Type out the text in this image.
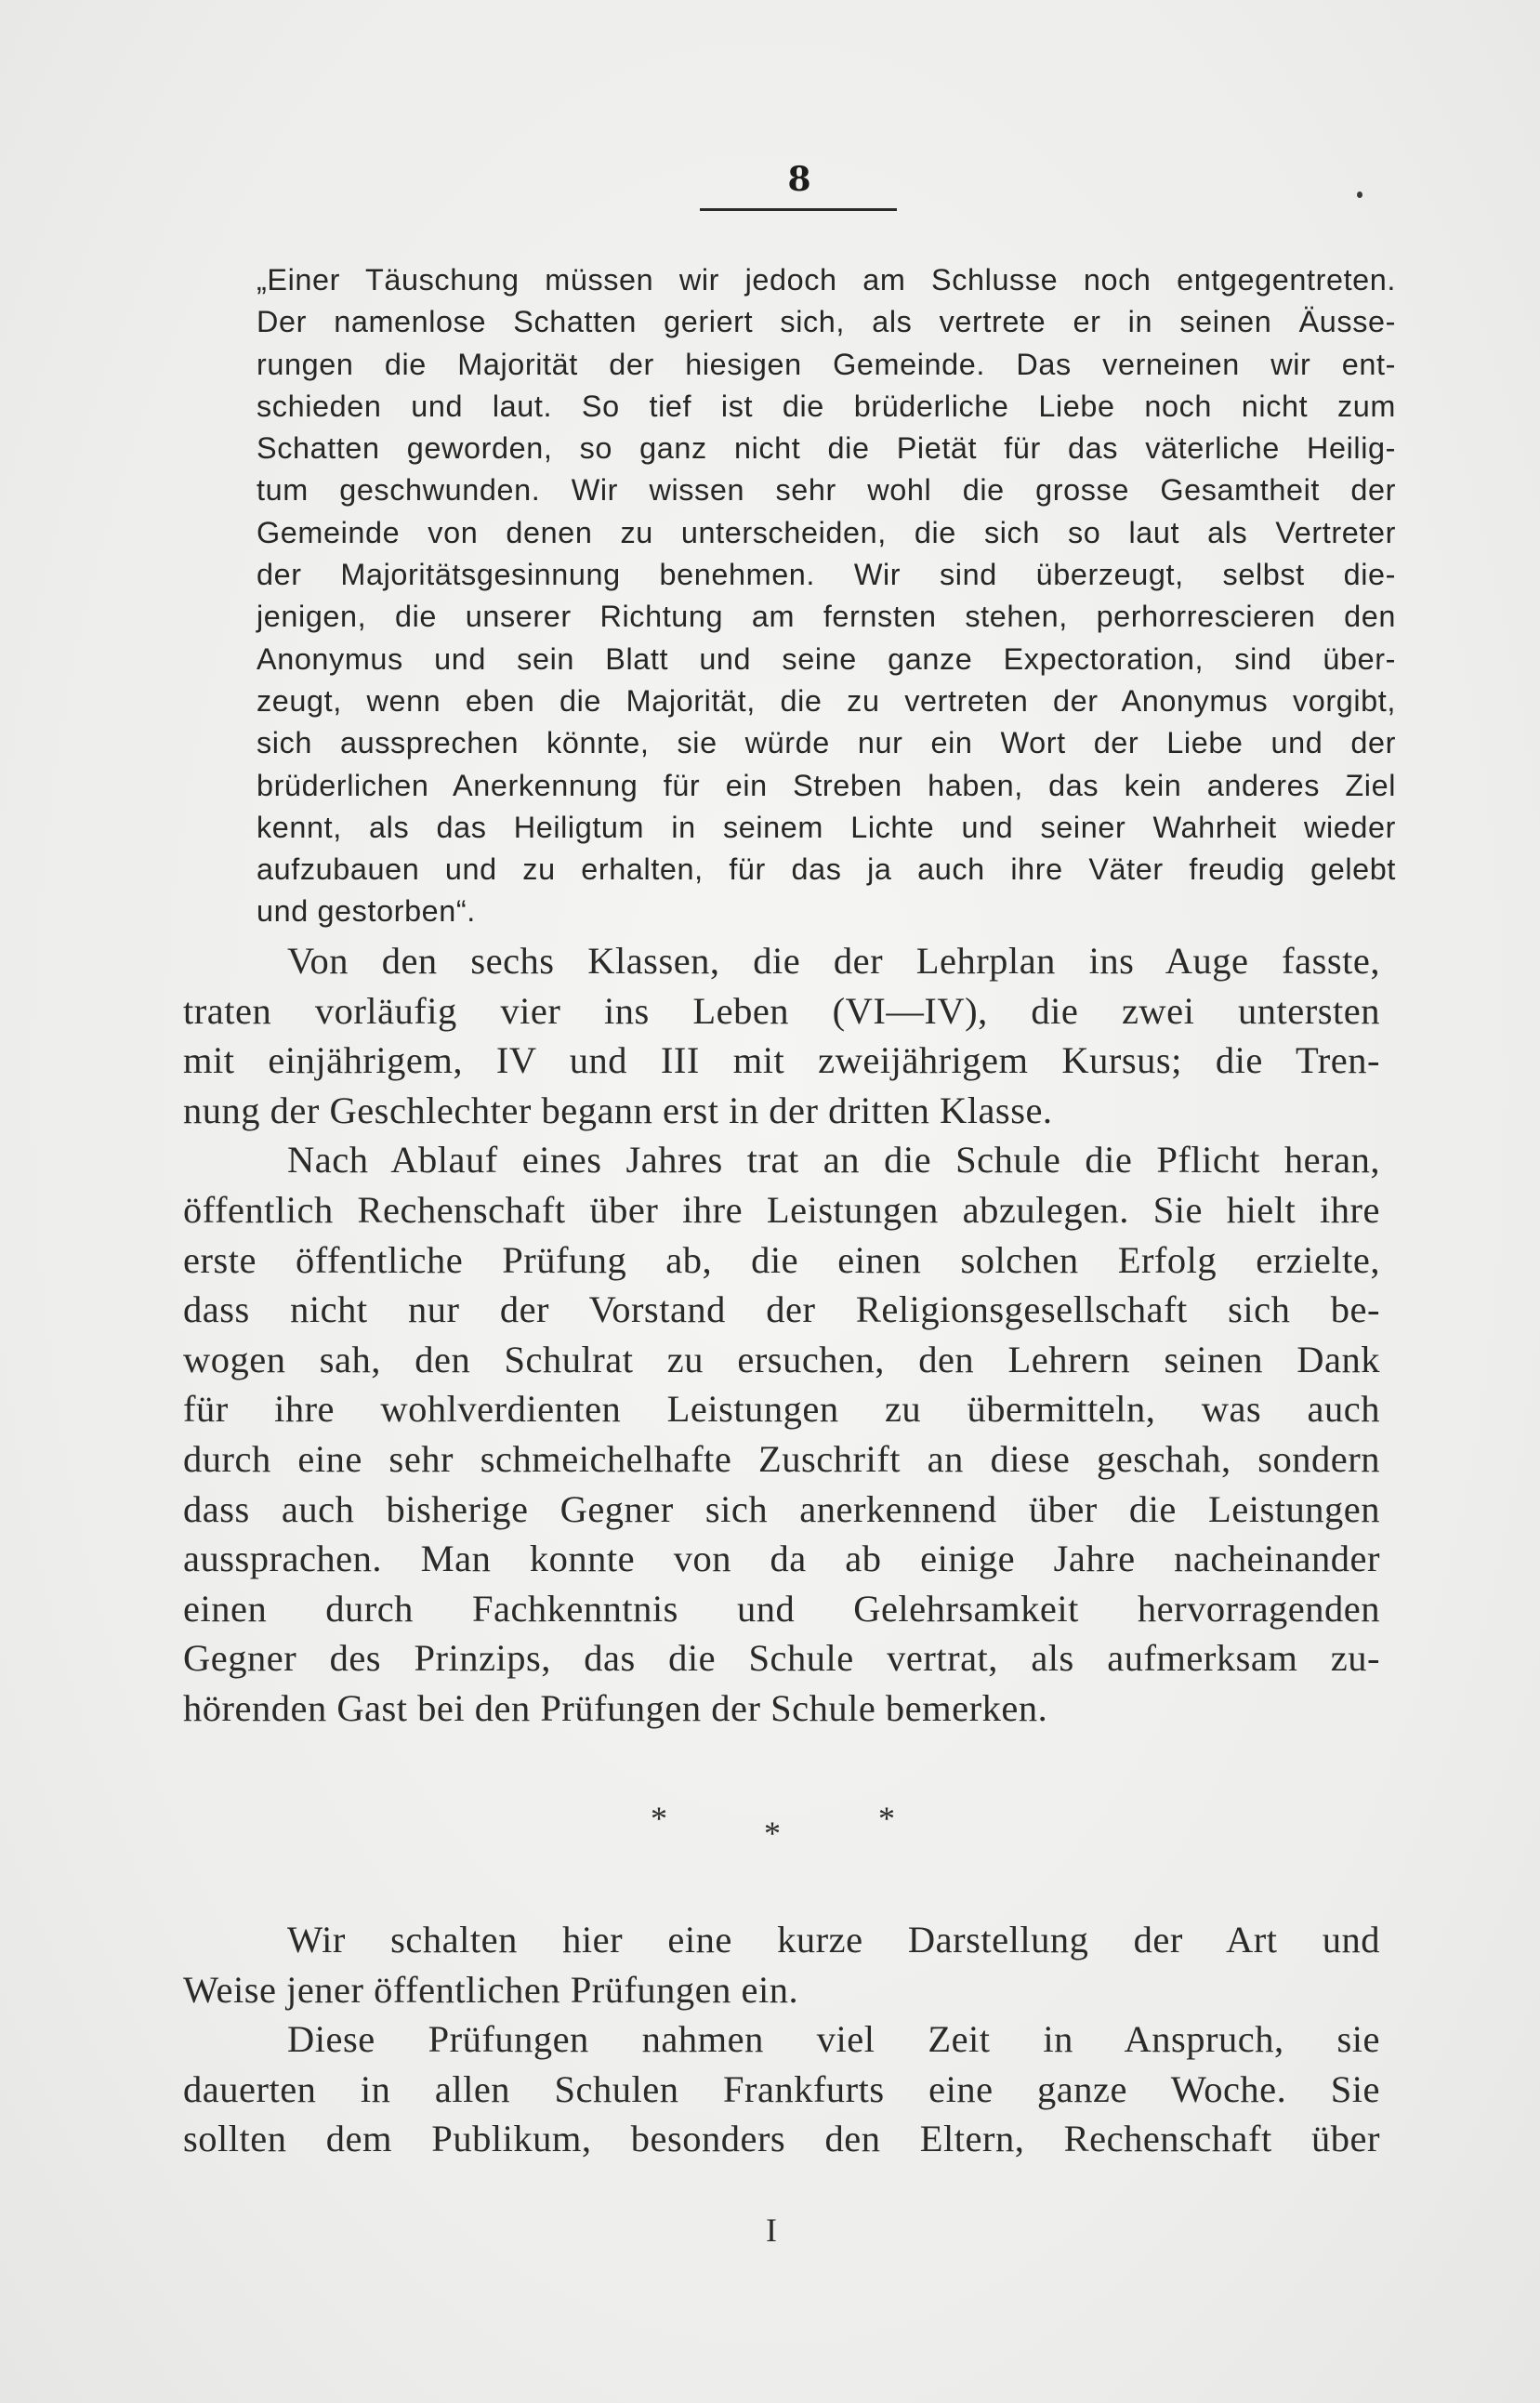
8
„Einer Täuschung müssen wir jedoch am Schlusse noch entgegentreten.
Der namenlose Schatten geriert sich, als vertrete er in seinen Äusse-
rungen die Majorität der hiesigen Gemeinde. Das verneinen wir ent-
schieden und laut. So tief ist die brüderliche Liebe noch nicht zum
Schatten geworden, so ganz nicht die Pietät für das väterliche Heilig-
tum geschwunden. Wir wissen sehr wohl die grosse Gesamtheit der
Gemeinde von denen zu unterscheiden, die sich so laut als Vertreter
der Majoritätsgesinnung benehmen. Wir sind überzeugt, selbst die-
jenigen, die unserer Richtung am fernsten stehen, perhorrescieren den
Anonymus und sein Blatt und seine ganze Expectoration, sind über-
zeugt, wenn eben die Majorität, die zu vertreten der Anonymus vorgibt,
sich aussprechen könnte, sie würde nur ein Wort der Liebe und der
brüderlichen Anerkennung für ein Streben haben, das kein anderes Ziel
kennt, als das Heiligtum in seinem Lichte und seiner Wahrheit wieder
aufzubauen und zu erhalten, für das ja auch ihre Väter freudig gelebt
und gestorben“.
Von den sechs Klassen, die der Lehrplan ins Auge fasste,
traten vorläufig vier ins Leben (VI—IV), die zwei untersten
mit einjährigem, IV und III mit zweijährigem Kursus; die Tren-
nung der Geschlechter begann erst in der dritten Klasse.
Nach Ablauf eines Jahres trat an die Schule die Pflicht heran,
öffentlich Rechenschaft über ihre Leistungen abzulegen. Sie hielt ihre
erste öffentliche Prüfung ab, die einen solchen Erfolg erzielte,
dass nicht nur der Vorstand der Religionsgesellschaft sich be-
wogen sah, den Schulrat zu ersuchen, den Lehrern seinen Dank
für ihre wohlverdienten Leistungen zu übermitteln, was auch
durch eine sehr schmeichelhafte Zuschrift an diese geschah, sondern
dass auch bisherige Gegner sich anerkennend über die Leistungen
aussprachen. Man konnte von da ab einige Jahre nacheinander
einen durch Fachkenntnis und Gelehrsamkeit hervorragenden
Gegner des Prinzips, das die Schule vertrat, als aufmerksam zu-
hörenden Gast bei den Prüfungen der Schule bemerken.
*	*	*
Wir schalten hier eine kurze Darstellung der Art und
Weise jener öffentlichen Prüfungen ein.
Diese Prüfungen nahmen viel Zeit in Anspruch, sie
dauerten in allen Schulen Frankfurts eine ganze Woche. Sie
sollten dem Publikum, besonders den Eltern, Rechenschaft über
I
